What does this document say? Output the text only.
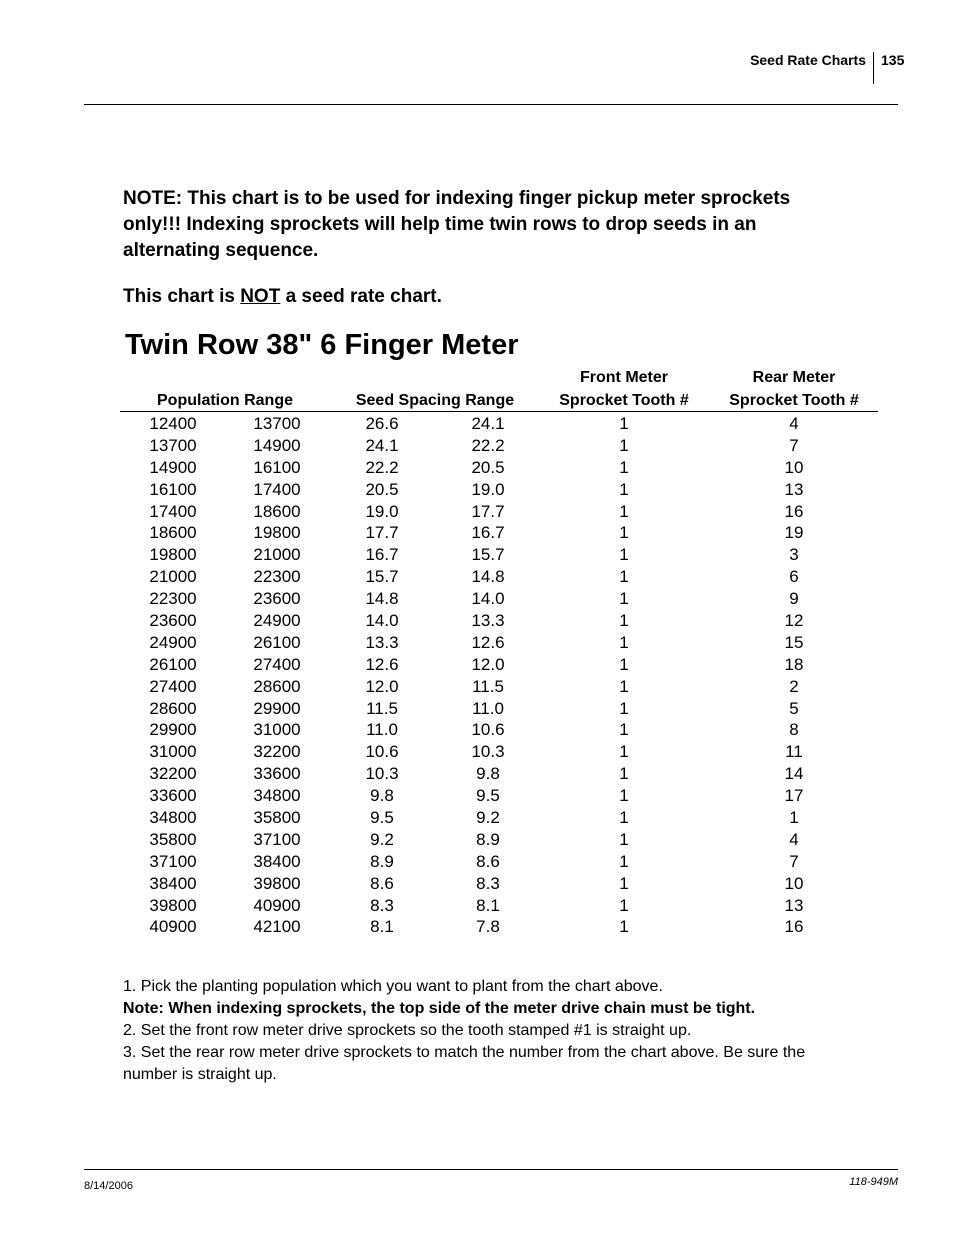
Seed Rate Charts 135

NOTE: This chart is to be used for indexing finger pickup meter sprockets only!!! Indexing sprockets will help time twin rows to drop seeds in an alternating sequence.

This chart is NOT a seed rate chart.

Twin Row 38" 6 Finger Meter
Population Range	Seed Spacing Range
Front Meter
Sprocket Tooth #
Rear Meter
Sprocket Tooth #
12400	13700	26.6	24.1	1	4
13700	14900	24.1	22.2	1	7
14900	16100	22.2	20.5	1	10
16100	17400	20.5	19.0	1	13
17400	18600	19.0	17.7	1	16
18600	19800	17.7	16.7	1	19
19800	21000	16.7	15.7	1	3
21000	22300	15.7	14.8	1	6
22300	23600	14.8	14.0	1	9
23600	24900	14.0	13.3	1	12
24900	26100	13.3	12.6	1	15
26100	27400	12.6	12.0	1	18
27400	28600	12.0	11.5	1	2
28600	29900	11.5	11.0	1	5
29900	31000	11.0	10.6	1	8
31000	32200	10.6	10.3	1	11
32200	33600	10.3	9.8	1	14
33600	34800	9.8	9.5	1	17
34800	35800	9.5	9.2	1	1
35800	37100	9.2	8.9	1	4
37100	38400	8.9	8.6	1	7
38400	39800	8.6	8.3	1	10
39800	40900	8.3	8.1	1	13
40900	42100	8.1	7.8	1	16

1. Pick the planting population which you want to plant from the chart above.

Note: When indexing sprockets, the top side of the meter drive chain must be tight.

2. Set the front row meter drive sprockets so the tooth stamped #1 is straight up.

3. Set the rear row meter drive sprockets to match the number from the chart above. Be sure the number is straight up.

8/14/2006	118-949M
